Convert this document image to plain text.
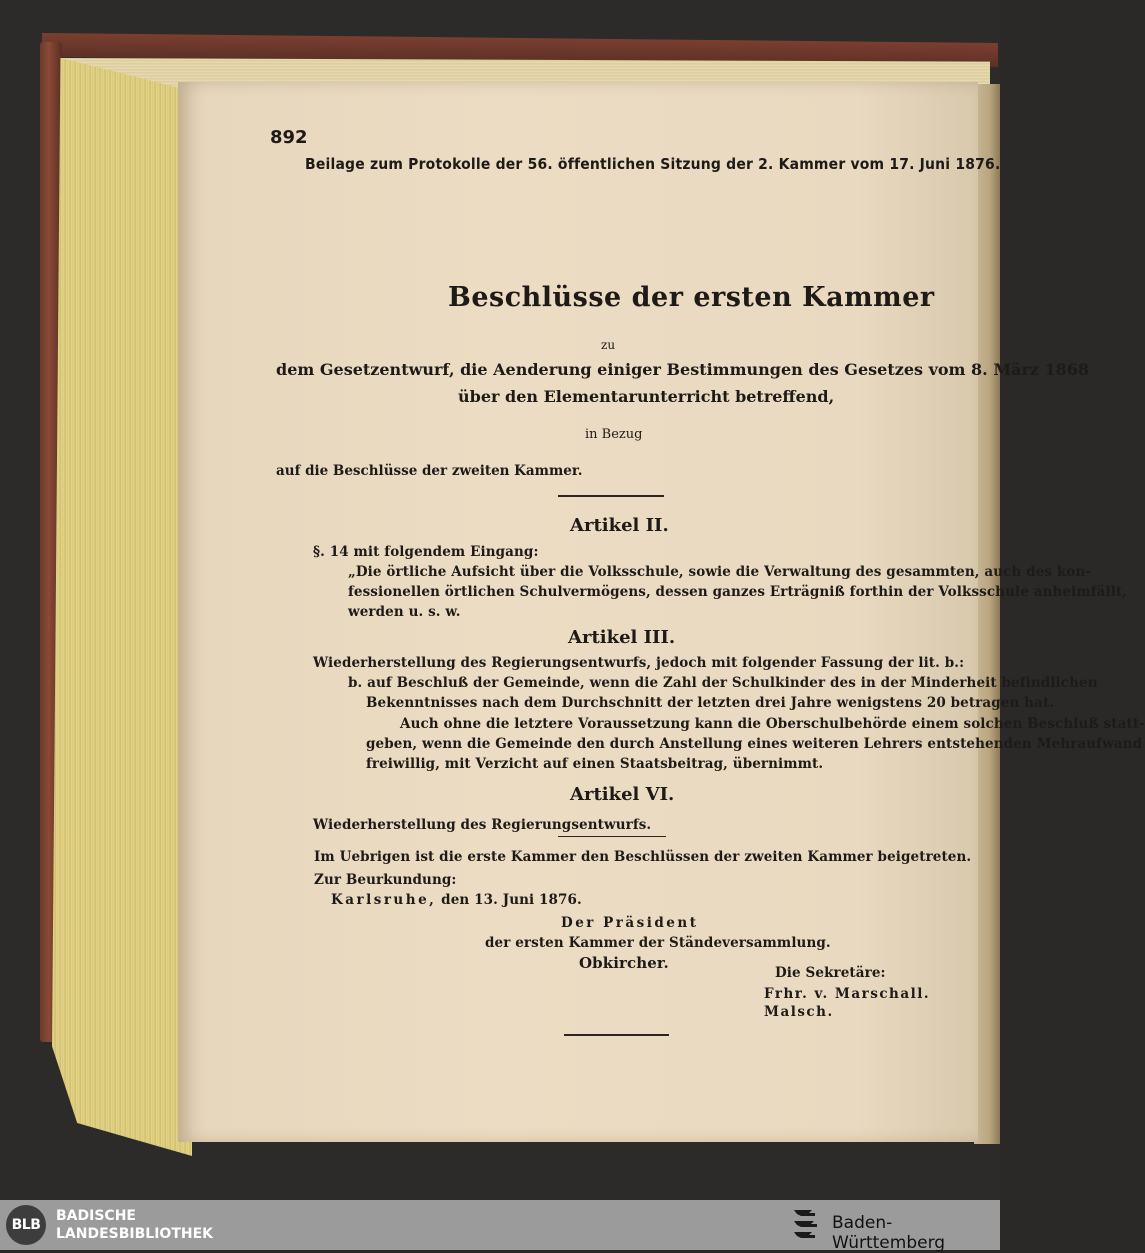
892
Beilage zum Protokolle der 56. öffentlichen Sitzung der 2. Kammer vom 17. Juni 1876.
Beschlüsse der ersten Kammer
zu
dem Gesetzentwurf, die Aenderung einiger Bestimmungen des Gesetzes vom 8. März 1868
über den Elementarunterricht betreffend,
in Bezug
auf die Beschlüsse der zweiten Kammer.
Artikel II.
§. 14 mit folgendem Eingang:
„Die örtliche Aufsicht über die Volksschule, sowie die Verwaltung des gesammten, auch des kon-
fessionellen örtlichen Schulvermögens, dessen ganzes Erträgniß forthin der Volksschule anheimfällt,
werden u. s. w.
Artikel III.
Wiederherstellung des Regierungsentwurfs, jedoch mit folgender Fassung der lit. b.:
b. auf Beschluß der Gemeinde, wenn die Zahl der Schulkinder des in der Minderheit befindlichen
Bekenntnisses nach dem Durchschnitt der letzten drei Jahre wenigstens 20 betragen hat.
Auch ohne die letztere Voraussetzung kann die Oberschulbehörde einem solchen Beschluß statt-
geben, wenn die Gemeinde den durch Anstellung eines weiteren Lehrers entstehenden Mehraufwand
freiwillig, mit Verzicht auf einen Staatsbeitrag, übernimmt.
Artikel VI.
Wiederherstellung des Regierungsentwurfs.
Im Uebrigen ist die erste Kammer den Beschlüssen der zweiten Kammer beigetreten.
Zur Beurkundung:
Karlsruhe, den 13. Juni 1876.
Der Präsident
der ersten Kammer der Ständeversammlung.
Obkircher.
Die Sekretäre:
Frhr. v. Marschall.
Malsch.
BLB
BADISCHE
LANDESBIBLIOTHEK
Baden-Württemberg
